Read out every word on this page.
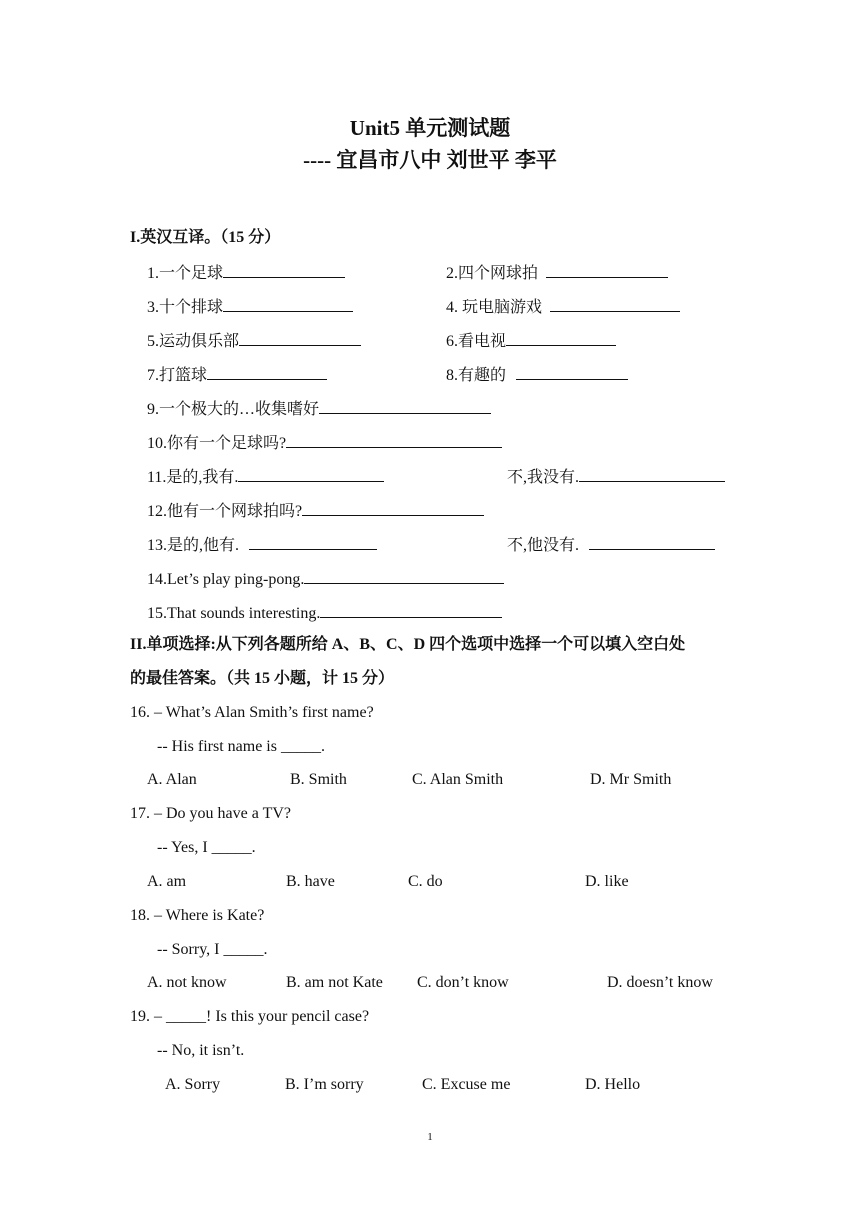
Unit5 单元测试题
---- 宜昌市八中 刘世平 李平
I.英汉互译。（15 分）
1.一个足球	2.四个网球拍
3.十个排球	4. 玩电脑游戏
5.运动俱乐部	6.看电视
7.打篮球	8.有趣的
9.一个极大的…收集嗜好
10.你有一个足球吗?
11.是的,我有.	不,我没有.
12.他有一个网球拍吗?
13.是的,他有.	不,他没有.
14.Let’s play ping-pong.
15.That sounds interesting.
II.单项选择:从下列各题所给 A、B、C、D 四个选项中选择一个可以填入空白处
的最佳答案。（共 15 小题，计 15 分）
16. – What’s Alan Smith’s first name?
-- His first name is _____.
A. Alan	B. Smith	C. Alan Smith	D. Mr Smith
17. – Do you have a TV?
-- Yes, I _____.
A. am	B. have	C. do	D. like
18. – Where is Kate?
-- Sorry, I _____.
A. not know	B. am not Kate C. don’t know	D. doesn’t know
19. – _____! Is this your pencil case?
-- No, it isn’t.
A. Sorry	B. I’m sorry	C. Excuse me	D. Hello
1
